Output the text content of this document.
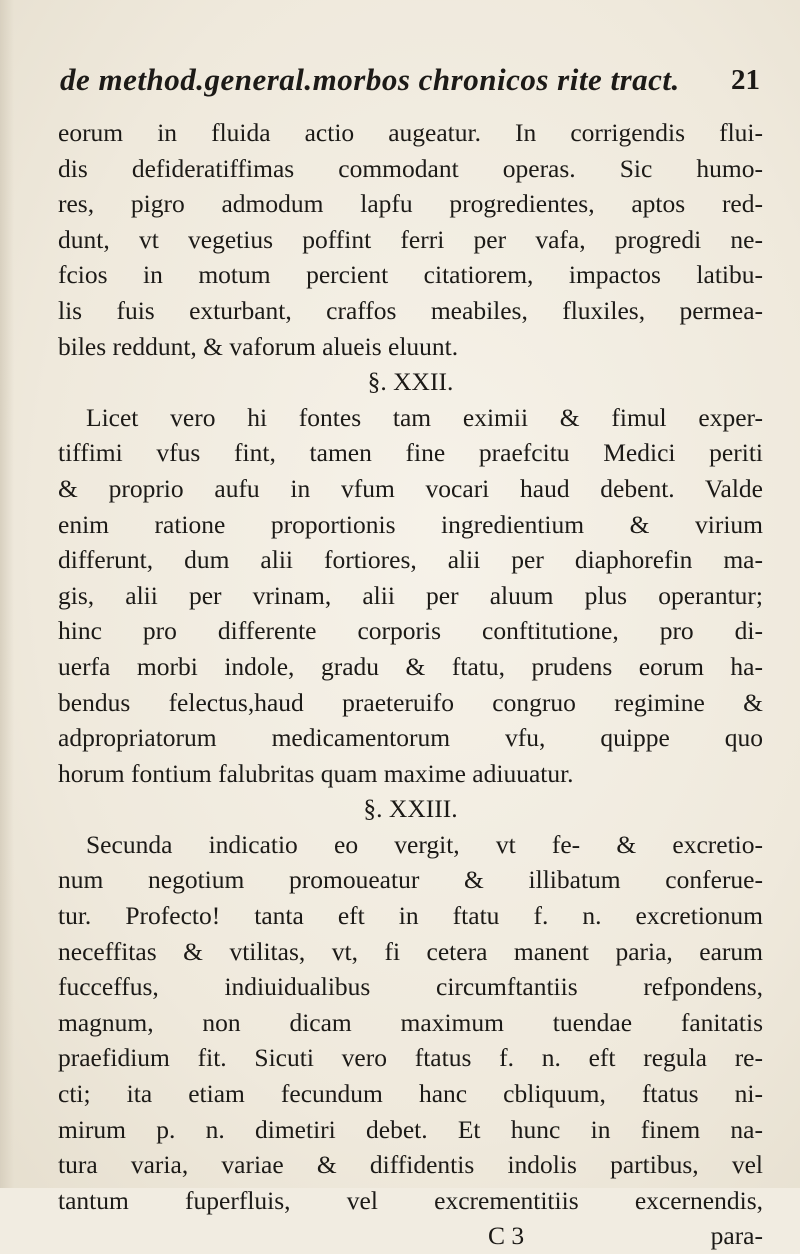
de method.general.morbos chronicos rite tract. 21
eorum in fluida actio augeatur. In corrigendis flui-
dis defideratiffimas commodant operas. Sic humo-
res, pigro admodum lapfu progredientes, aptos red-
dunt, vt vegetius poffint ferri per vafa, progredi ne-
fcios in motum percient citatiorem, impactos latibu-
lis fuis exturbant, craffos meabiles, fluxiles, permea-
biles reddunt, & vaforum alueis eluunt.
§. XXII.
Licet vero hi fontes tam eximii & fimul exper-
tiffimi vfus fint, tamen fine praefcitu Medici periti
& proprio aufu in vfum vocari haud debent. Valde
enim ratione proportionis ingredientium & virium
differunt, dum alii fortiores, alii per diaphorefin ma-
gis, alii per vrinam, alii per aluum plus operantur;
hinc pro differente corporis conftitutione, pro di-
uerfa morbi indole, gradu & ftatu, prudens eorum ha-
bendus felectus,haud praeteruifo congruo regimine &
adpropriatorum medicamentorum vfu, quippe quo
horum fontium falubritas quam maxime adiuuatur.
§. XXIII.
Secunda indicatio eo vergit, vt fe- & excretio-
num negotium promoueatur & illibatum conferue-
tur. Profecto! tanta eft in ftatu f. n. excretionum
neceffitas & vtilitas, vt, fi cetera manent paria, earum
fucceffus, indiuidualibus circumftantiis refpondens,
magnum, non dicam maximum tuendae fanitatis
praefidium fit. Sicuti vero ftatus f. n. eft regula re-
cti; ita etiam fecundum hanc cbliquum, ftatus ni-
mirum p. n. dimetiri debet. Et hunc in finem na-
tura varia, variae & diffidentis indolis partibus, vel
tantum fuperfluis, vel excrementitiis excernendis,
C 3	para-
